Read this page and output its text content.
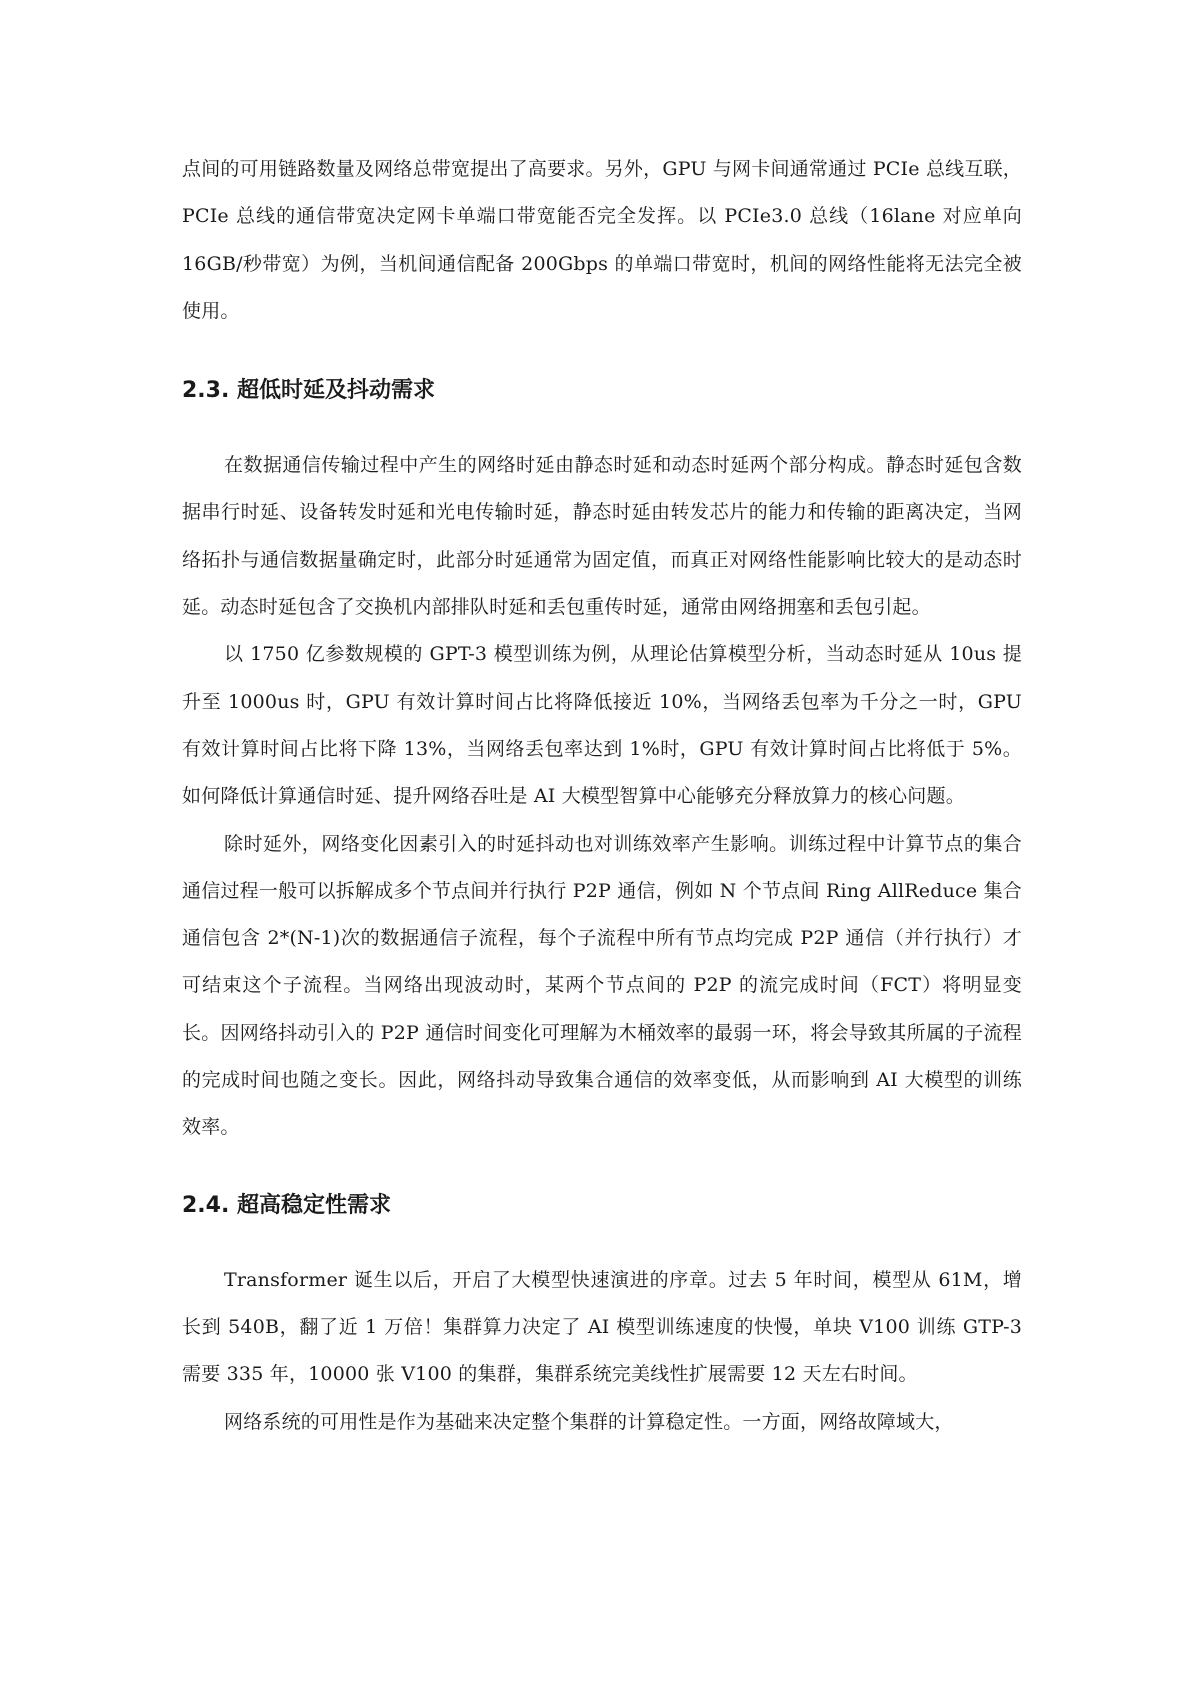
点间的可用链路数量及网络总带宽提出了高要求。另外，GPU 与网卡间通常通过 PCIe 总线互联，PCIe 总线的通信带宽决定网卡单端口带宽能否完全发挥。以 PCIe3.0 总线（16lane 对应单向 16GB/秒带宽）为例，当机间通信配备 200Gbps 的单端口带宽时，机间的网络性能将无法完全被使用。

2.3. 超低时延及抖动需求

在数据通信传输过程中产生的网络时延由静态时延和动态时延两个部分构成。静态时延包含数据串行时延、设备转发时延和光电传输时延，静态时延由转发芯片的能力和传输的距离决定，当网络拓扑与通信数据量确定时，此部分时延通常为固定值，而真正对网络性能影响比较大的是动态时延。动态时延包含了交换机内部排队时延和丢包重传时延，通常由网络拥塞和丢包引起。

以 1750 亿参数规模的 GPT-3 模型训练为例，从理论估算模型分析，当动态时延从 10us 提升至 1000us 时，GPU 有效计算时间占比将降低接近 10%，当网络丢包率为千分之一时，GPU 有效计算时间占比将下降 13%，当网络丢包率达到 1%时，GPU 有效计算时间占比将低于 5%。如何降低计算通信时延、提升网络吞吐是 AI 大模型智算中心能够充分释放算力的核心问题。

除时延外，网络变化因素引入的时延抖动也对训练效率产生影响。训练过程中计算节点的集合通信过程一般可以拆解成多个节点间并行执行 P2P 通信，例如 N 个节点间 Ring AllReduce 集合通信包含 2*(N-1)次的数据通信子流程，每个子流程中所有节点均完成 P2P 通信（并行执行）才可结束这个子流程。当网络出现波动时，某两个节点间的 P2P 的流完成时间（FCT）将明显变长。因网络抖动引入的 P2P 通信时间变化可理解为木桶效率的最弱一环，将会导致其所属的子流程的完成时间也随之变长。因此，网络抖动导致集合通信的效率变低，从而影响到 AI 大模型的训练效率。

2.4. 超高稳定性需求

Transformer 诞生以后，开启了大模型快速演进的序章。过去 5 年时间，模型从 61M，增长到 540B，翻了近 1 万倍！集群算力决定了 AI 模型训练速度的快慢，单块 V100 训练 GTP-3 需要 335 年，10000 张 V100 的集群，集群系统完美线性扩展需要 12 天左右时间。

网络系统的可用性是作为基础来决定整个集群的计算稳定性。一方面，网络故障域大，
